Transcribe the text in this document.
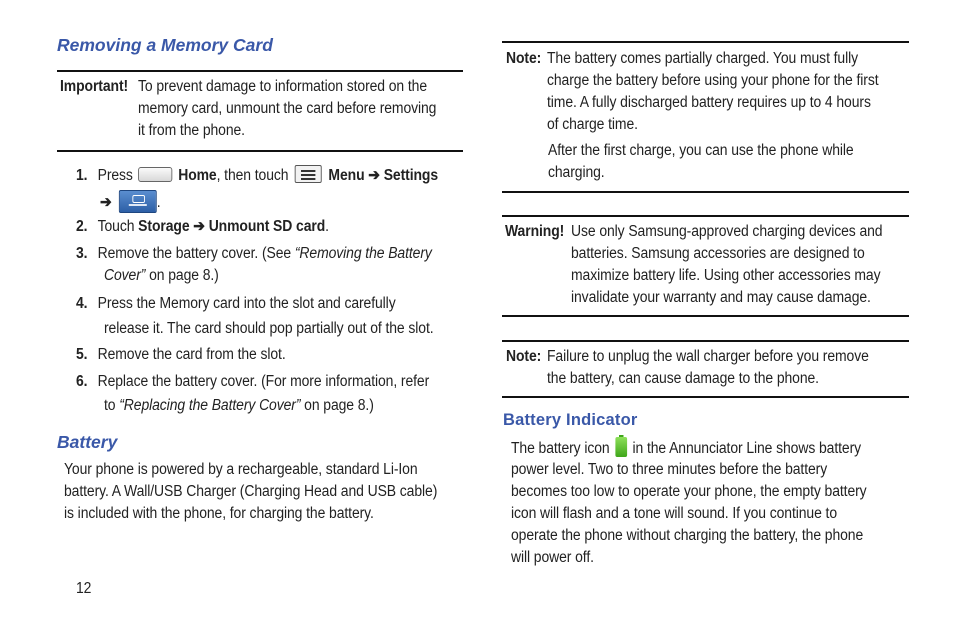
Removing a Memory Card
Important! To prevent damage to information stored on the
memory card, unmount the card before removing
it from the phone.
1. Press	Home, then touch	Menu ➔ Settings
➔	.
2. Touch Storage ➔ Unmount SD card.
3. Remove the battery cover. (See “Removing the Battery
Cover” on page 8.)
4. Press the Memory card into the slot and carefully
release it. The card should pop partially out of the slot.
5. Remove the card from the slot.
6. Replace the battery cover. (For more information, refer
to “Replacing the Battery Cover” on page 8.)
Battery
Your phone is powered by a rechargeable, standard Li-Ion
battery. A Wall/USB Charger (Charging Head and USB cable)
is included with the phone, for charging the battery.
12
Note: The battery comes partially charged. You must fully
charge the battery before using your phone for the first
time. A fully discharged battery requires up to 4 hours
of charge time.
After the first charge, you can use the phone while
charging.
Warning! Use only Samsung-approved charging devices and
batteries. Samsung accessories are designed to
maximize battery life. Using other accessories may
invalidate your warranty and may cause damage.
Note: Failure to unplug the wall charger before you remove
the battery, can cause damage to the phone.
Battery Indicator
The battery icon in the Annunciator Line shows battery
power level. Two to three minutes before the battery
becomes too low to operate your phone, the empty battery
icon will flash and a tone will sound. If you continue to
operate the phone without charging the battery, the phone
will power off.
